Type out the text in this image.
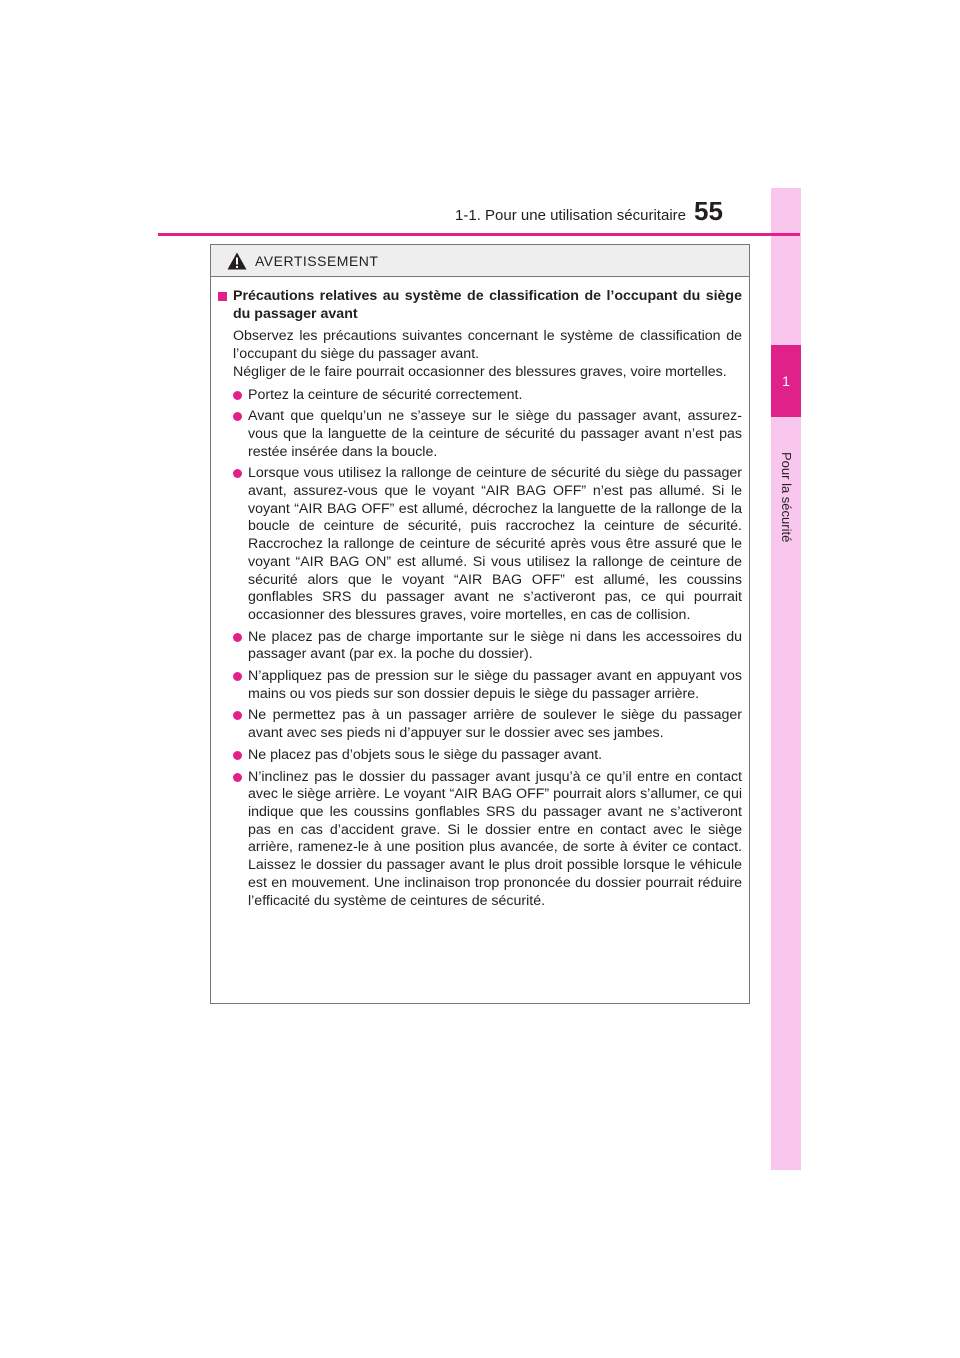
1
Pour la sécurité
1-1. Pour une utilisation sécuritaire 55
AVERTISSEMENT
Précautions relatives au système de classification de l’occupant du siège du passager avant

Observez les précautions suivantes concernant le système de classification de l’occupant du siège du passager avant.

Négliger de le faire pourrait occasionner des blessures graves, voire mortelles.

Portez la ceinture de sécurité correctement.
Avant que quelqu’un ne s’asseye sur le siège du passager avant, assurez-vous que la languette de la ceinture de sécurité du passager avant n’est pas restée insérée dans la boucle.
Lorsque vous utilisez la rallonge de ceinture de sécurité du siège du passager avant, assurez-vous que le voyant “AIR BAG OFF” n’est pas allumé. Si le voyant “AIR BAG OFF” est allumé, décrochez la languette de la rallonge de la boucle de ceinture de sécurité, puis raccrochez la ceinture de sécurité. Raccrochez la rallonge de ceinture de sécurité après vous être assuré que le voyant “AIR BAG ON” est allumé. Si vous utilisez la rallonge de ceinture de sécurité alors que le voyant “AIR BAG OFF” est allumé, les coussins gonflables SRS du passager avant ne s’activeront pas, ce qui pourrait occasionner des blessures graves, voire mortelles, en cas de collision.
Ne placez pas de charge importante sur le siège ni dans les accessoires du passager avant (par ex. la poche du dossier).
N’appliquez pas de pression sur le siège du passager avant en appuyant vos mains ou vos pieds sur son dossier depuis le siège du passager arrière.
Ne permettez pas à un passager arrière de soulever le siège du passager avant avec ses pieds ni d’appuyer sur le dossier avec ses jambes.
Ne placez pas d’objets sous le siège du passager avant.
N’inclinez pas le dossier du passager avant jusqu’à ce qu’il entre en contact avec le siège arrière. Le voyant “AIR BAG OFF” pourrait alors s’allumer, ce qui indique que les coussins gonflables SRS du passager avant ne s’activeront pas en cas d’accident grave. Si le dossier entre en contact avec le siège arrière, ramenez-le à une position plus avancée, de sorte à éviter ce contact. Laissez le dossier du passager avant le plus droit possible lorsque le véhicule est en mouvement. Une inclinaison trop prononcée du dossier pourrait réduire l’efficacité du système de ceintures de sécurité.
